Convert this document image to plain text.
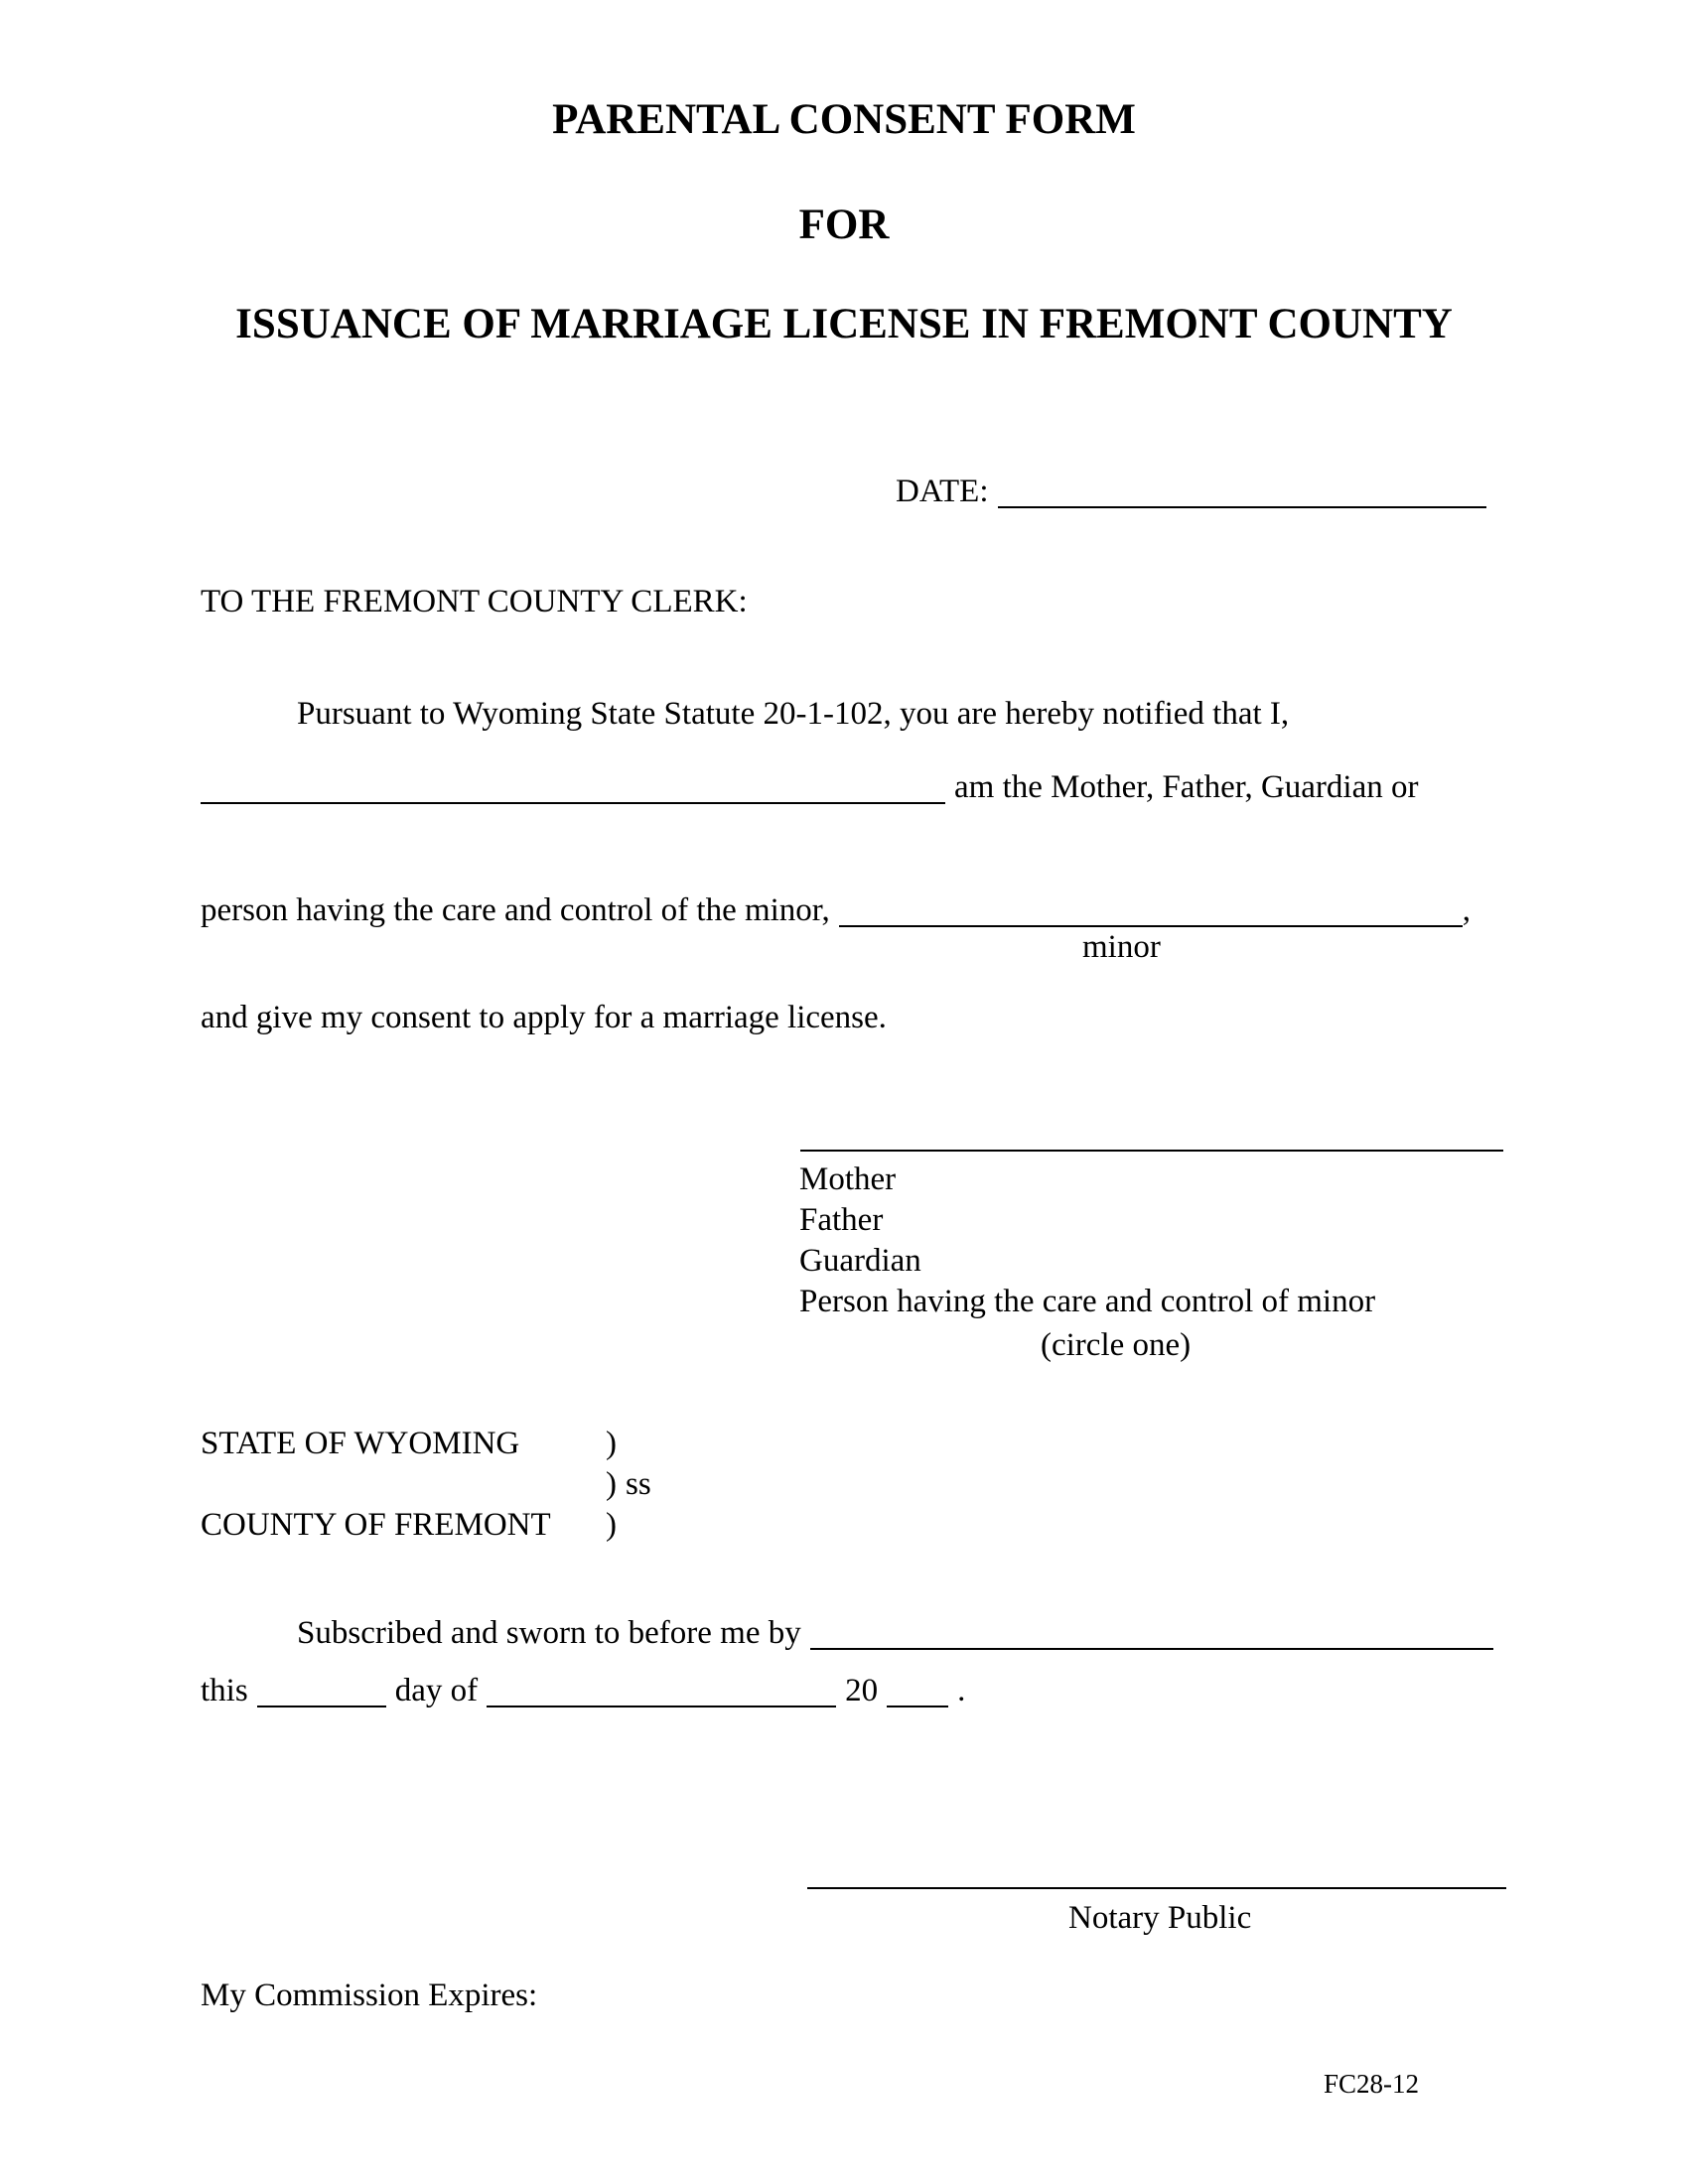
PARENTAL CONSENT FORM
FOR
ISSUANCE OF MARRIAGE LICENSE IN FREMONT COUNTY
DATE:
TO THE FREMONT COUNTY CLERK:
Pursuant to Wyoming State Statute 20-1-102, you are hereby notified that I,
am the Mother, Father, Guardian or
person having the care and control of the minor,	,
minor
and give my consent to apply for a marriage license.
Mother
Father
Guardian
Person having the care and control of minor
(circle one)
STATE OF WYOMING	)
) ss
COUNTY OF FREMONT )
Subscribed and sworn to before me by
this	day of	20 .
Notary Public
My Commission Expires:
FC28-12
